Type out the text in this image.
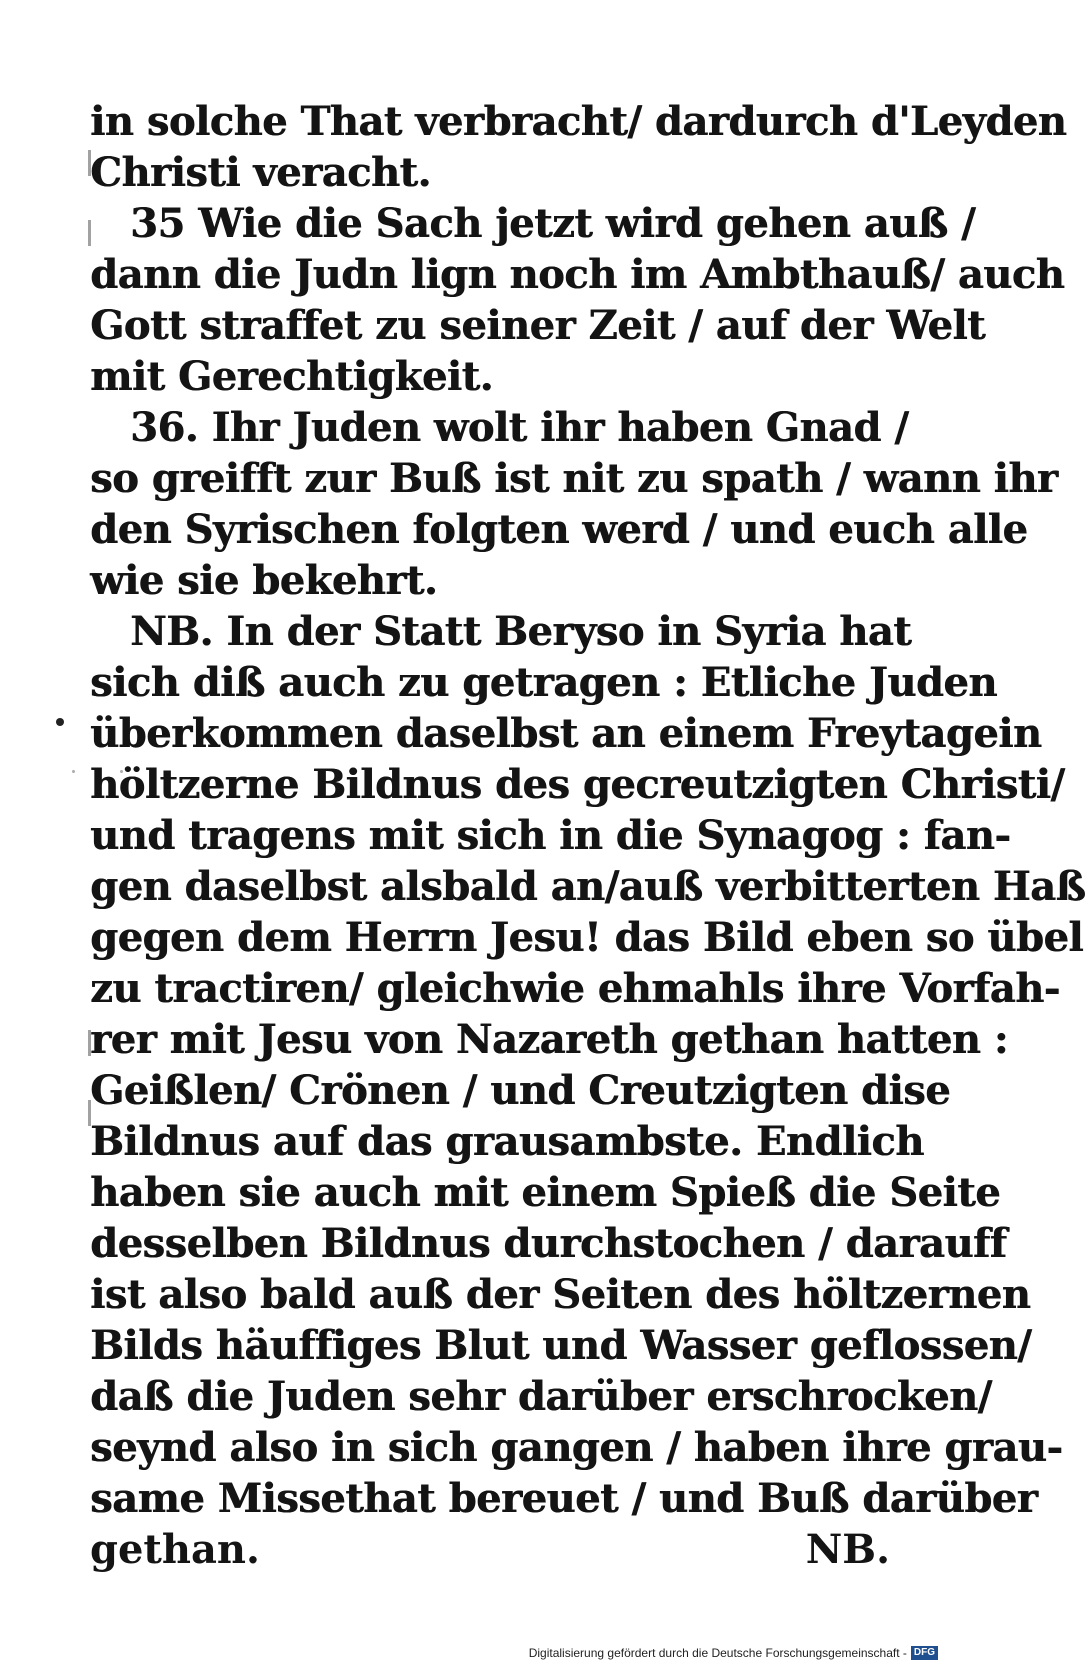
in solche That verbracht/ dardurch d'Leyden
Christi veracht.
35 Wie die Sach jetzt wird gehen auß /
dann die Judn lign noch im Ambthauß/ auch
Gott straffet zu seiner Zeit / auf der Welt
mit Gerechtigkeit.
36. Ihr Juden wolt ihr haben Gnad /
so greifft zur Buß ist nit zu spath / wann ihr
den Syrischen folgten werd / und euch alle
wie sie bekehrt.
NB. In der Statt Beryso in Syria hat
sich diß auch zu getragen : Etliche Juden
überkommen daselbst an einem Freytagein
höltzerne Bildnus des gecreutzigten Christi/
und tragens mit sich in die Synagog : fan-
gen daselbst alsbald an/auß verbitterten Haß
gegen dem Herrn Jesu! das Bild eben so übel
zu tractiren/ gleichwie ehmahls ihre Vorfah-
rer mit Jesu von Nazareth gethan hatten :
Geißlen/ Crönen / und Creutzigten dise
Bildnus auf das grausambste. Endlich
haben sie auch mit einem Spieß die Seite
desselben Bildnus durchstochen / darauff
ist also bald auß der Seiten des höltzernen
Bilds häuffiges Blut und Wasser geflossen/
daß die Juden sehr darüber erschrocken/
seynd also in sich gangen / haben ihre grau-
same Missethat bereuet / und Buß darüber
gethan.	NB.
Digitalisierung gefördert durch die Deutsche Forschungsgemeinschaft - DFG
